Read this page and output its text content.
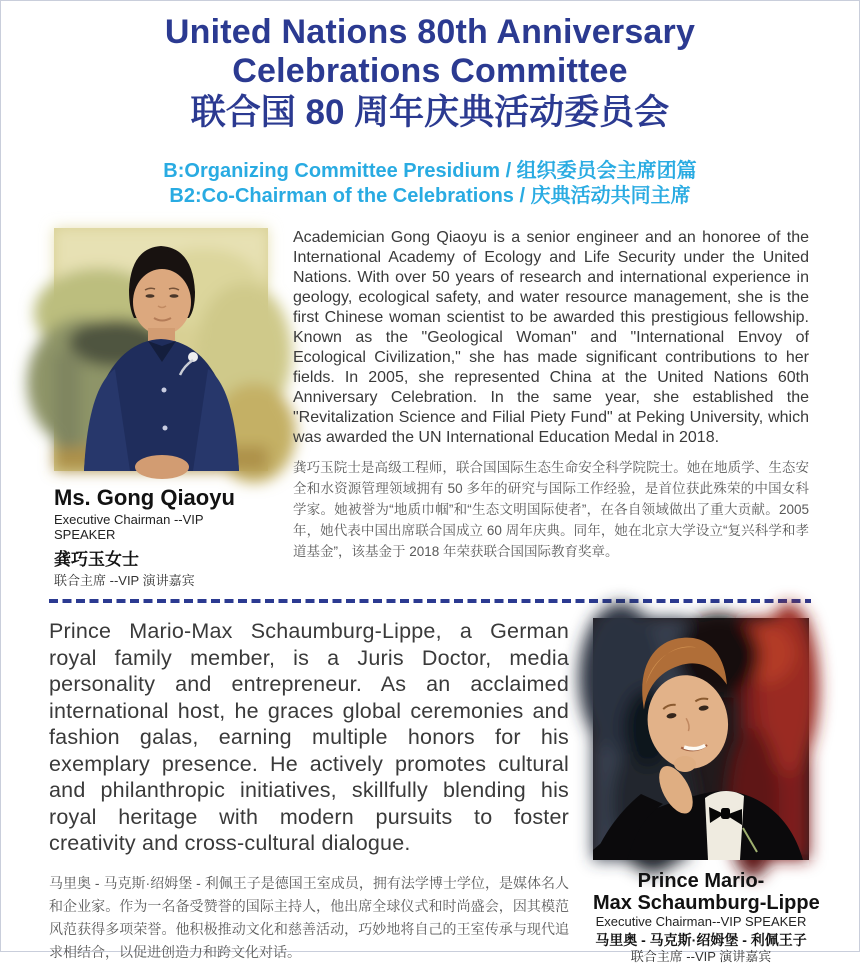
United Nations 80th Anniversary
Celebrations Committee
联合国 80 周年庆典活动委员会
B:Organizing Committee Presidium / 组织委员会主席团篇
B2:Co-Chairman of the Celebrations / 庆典活动共同主席
Ms. Gong Qiaoyu
Executive Chairman --VIP SPEAKER
龚巧玉女士
联合主席 --VIP 演讲嘉宾
Academician Gong Qiaoyu is a senior engineer and an honoree of the International Academy of Ecology and Life Security under the United Nations. With over 50 years of research and international experience in geology, ecological safety, and water resource management, she is the first Chinese woman scientist to be awarded this prestigious fellowship. Known as the "Geological Woman" and "International Envoy of Ecological Civilization," she has made significant contributions to her fields. In 2005, she represented China at the United Nations 60th Anniversary Celebration. In the same year, she established the "Revitalization Science and Filial Piety Fund" at Peking University, which was awarded the UN International Education Medal in 2018.
龚巧玉院士是高级工程师，联合国国际生态生命安全科学院院士。她在地质学、生态安全和水资源管理领域拥有 50 多年的研究与国际工作经验，是首位获此殊荣的中国女科学家。她被誉为“地质巾帼”和“生态文明国际使者”，在各自领域做出了重大贡献。2005 年，她代表中国出席联合国成立 60 周年庆典。同年，她在北京大学设立“复兴科学和孝道基金”，该基金于 2018 年荣获联合国国际教育奖章。
Prince Mario-Max Schaumburg-Lippe, a German royal family member, is a Juris Doctor, media personality and entrepreneur. As an acclaimed international host, he graces global ceremonies and fashion galas, earning multiple honors for his exemplary presence. He actively promotes cultural and philanthropic initiatives, skillfully blending his royal heritage with modern pursuits to foster creativity and cross-cultural dialogue.
马里奥 - 马克斯·绍姆堡 - 利佩王子是德国王室成员，拥有法学博士学位，是媒体名人和企业家。作为一名备受赞誉的国际主持人，他出席全球仪式和时尚盛会，因其模范风范获得多项荣誉。他积极推动文化和慈善活动，巧妙地将自己的王室传承与现代追求相结合，以促进创造力和跨文化对话。
Prince Mario-
Max Schaumburg-Lippe
Executive Chairman--VIP SPEAKER
马里奥 - 马克斯·绍姆堡 - 利佩王子
联合主席 --VIP 演讲嘉宾
